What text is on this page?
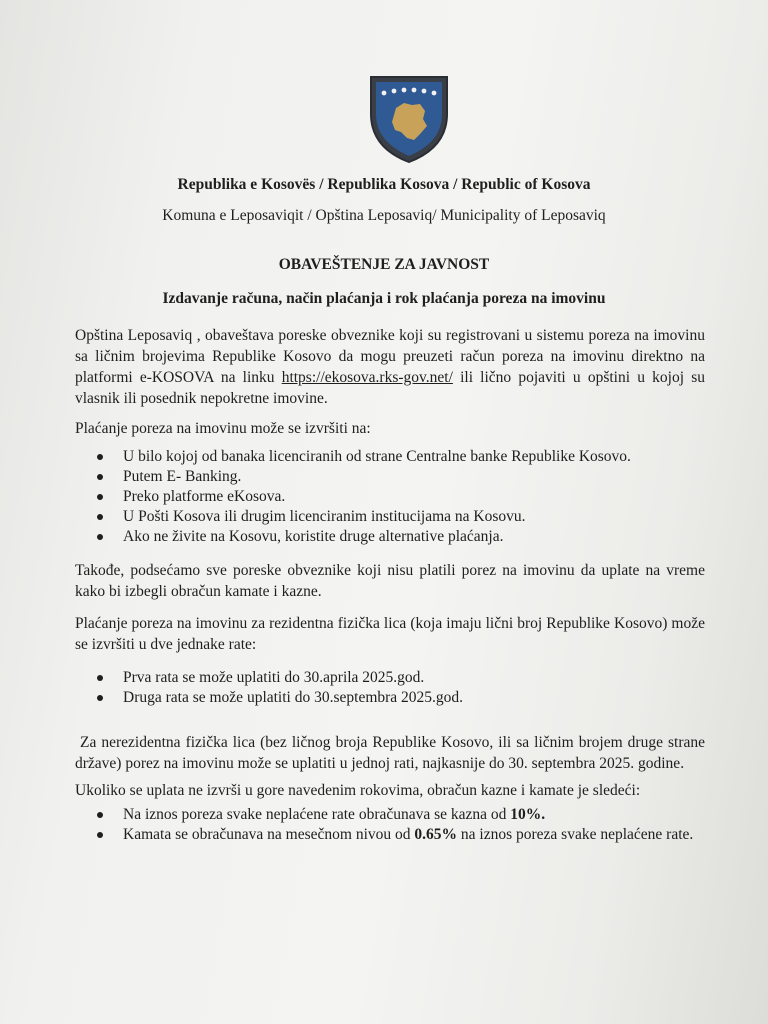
Republika e Kosovës / Republika Kosova / Republic of Kosova
Komuna e Leposaviqit / Opština Leposaviq/ Municipality of Leposaviq
OBAVEŠTENJE ZA JAVNOST
Izdavanje računa, način plaćanja i rok plaćanja poreza na imovinu

Opština Leposaviq , obaveštava poreske obveznike koji su registrovani u sistemu poreza na imovinu sa ličnim brojevima Republike Kosovo da mogu preuzeti račun poreza na imovinu direktno na platformi e-KOSOVA na linku https://ekosova.rks-gov.net/ ili lično pojaviti u opštini u kojoj su vlasnik ili posednik nepokretne imovine.

Plaćanje poreza na imovinu može se izvršiti na:

U bilo kojoj od banaka licenciranih od strane Centralne banke Republike Kosovo.
Putem E- Banking.
Preko platforme eKosova.
U Pošti Kosova ili drugim licenciranim institucijama na Kosovu.
Ako ne živite na Kosovu, koristite druge alternative plaćanja.

Takođe, podsećamo sve poreske obveznike koji nisu platili porez na imovinu da uplate na vreme kako bi izbegli obračun kamate i kazne.

Plaćanje poreza na imovinu za rezidentna fizička lica (koja imaju lični broj Republike Kosovo) može se izvršiti u dve jednake rate:

Prva rata se može uplatiti do 30.aprila 2025.god.
Druga rata se može uplatiti do 30.septembra 2025.god.

Za nerezidentna fizička lica (bez ličnog broja Republike Kosovo, ili sa ličnim brojem druge strane države) porez na imovinu može se uplatiti u jednoj rati, najkasnije do 30. septembra 2025. godine.

Ukoliko se uplata ne izvrši u gore navedenim rokovima, obračun kazne i kamate je sledeći:

Na iznos poreza svake neplaćene rate obračunava se kazna od 10%.
Kamata se obračunava na mesečnom nivou od 0.65% na iznos poreza svake neplaćene rate.
